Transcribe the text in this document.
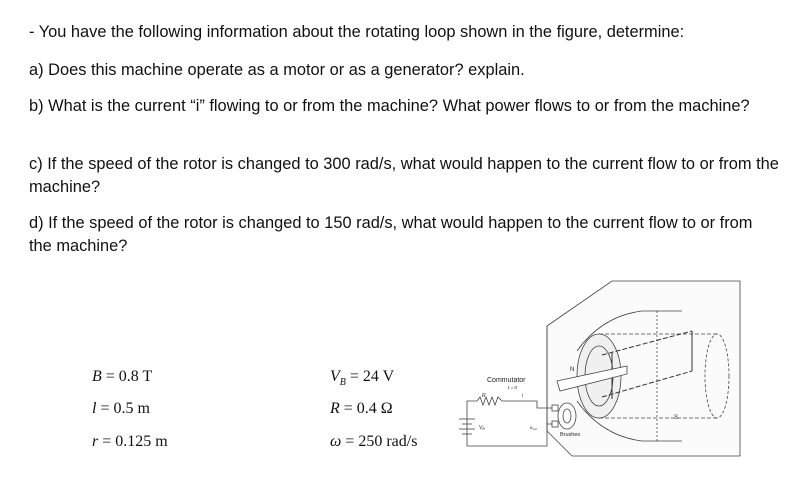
- You have the following information about the rotating loop shown in the figure, determine:

a) Does this machine operate as a motor or as a generator? explain.

b) What is the current “i” flowing to or from the machine? What power flows to or from the machine?

c) If the speed of the rotor is changed to 300 rad/s, what would happen to the current flow to or from the machine?

d) If the speed of the rotor is changed to 150 rad/s, what would happen to the current flow to or from the machine?

B = 0.8 T
l = 0.5 m
r = 0.125 m
$V_B = 24$ V
R = 0.4 Ω
ω = 250 rad/s
Commutator
Brushes
N
S
R
$V_B$
i
t = 0
$e_{ind}$
